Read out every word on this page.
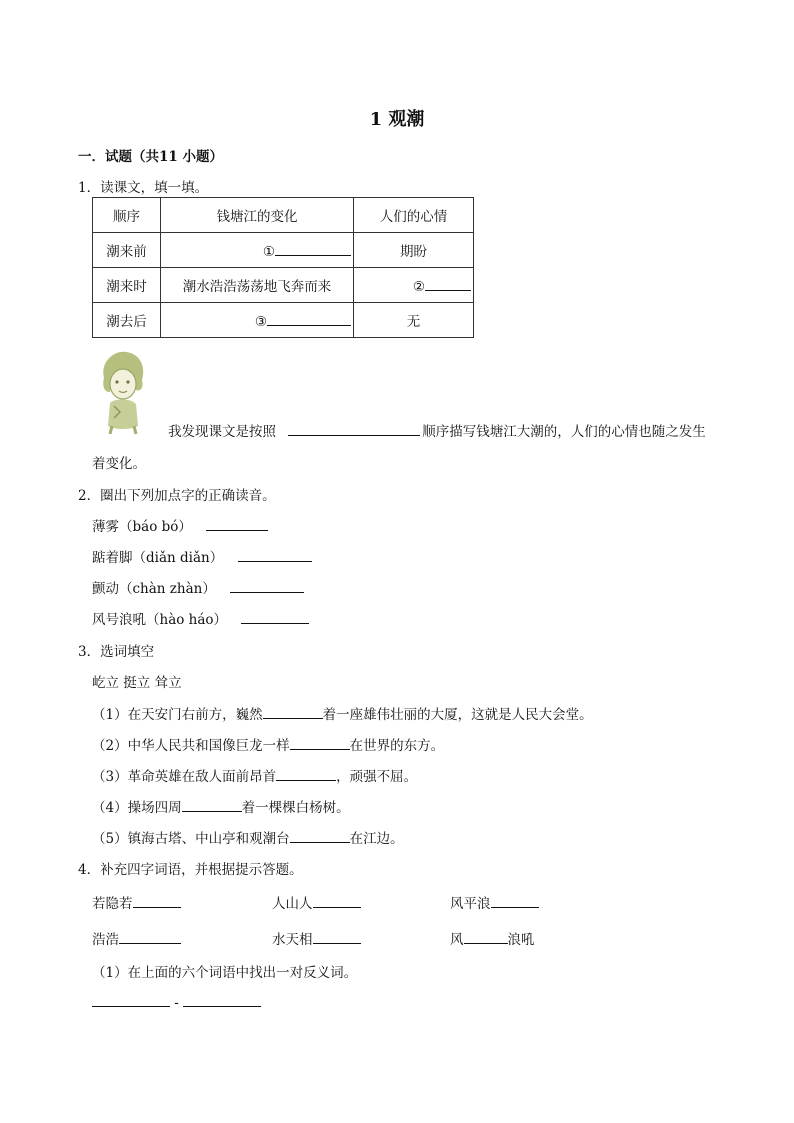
1 观潮
一．试题（共11 小题）
1．读课文，填一填。
顺序	钱塘江的变化	人们的心情
潮来前	①	期盼
潮来时	潮水浩浩荡荡地飞奔而来	②
潮去后	③	无
我发现课文是按照	顺序描写钱塘江大潮的，人们的心情也随之发生
着变化。
2．圈出下列加点字的正确读音。
薄雾（báo bó）
踮着脚（diǎn diǎn）
颤动（chàn zhàn）
风号浪吼（hào háo）
3．选词填空
屹立 挺立 耸立
（1）在天安门右前方，巍然	着一座雄伟壮丽的大厦，这就是人民大会堂。
（2）中华人民共和国像巨龙一样	在世界的东方。
（3）革命英雄在敌人面前昂首	，顽强不屈。
（4）操场四周	着一棵棵白杨树。
（5）镇海古塔、中山亭和观潮台	在江边。
4．补充四字词语，并根据提示答题。
若隐若	人山人	风平浪
浩浩	水天相	风	浪吼
（1）在上面的六个词语中找出一对反义词。
-
